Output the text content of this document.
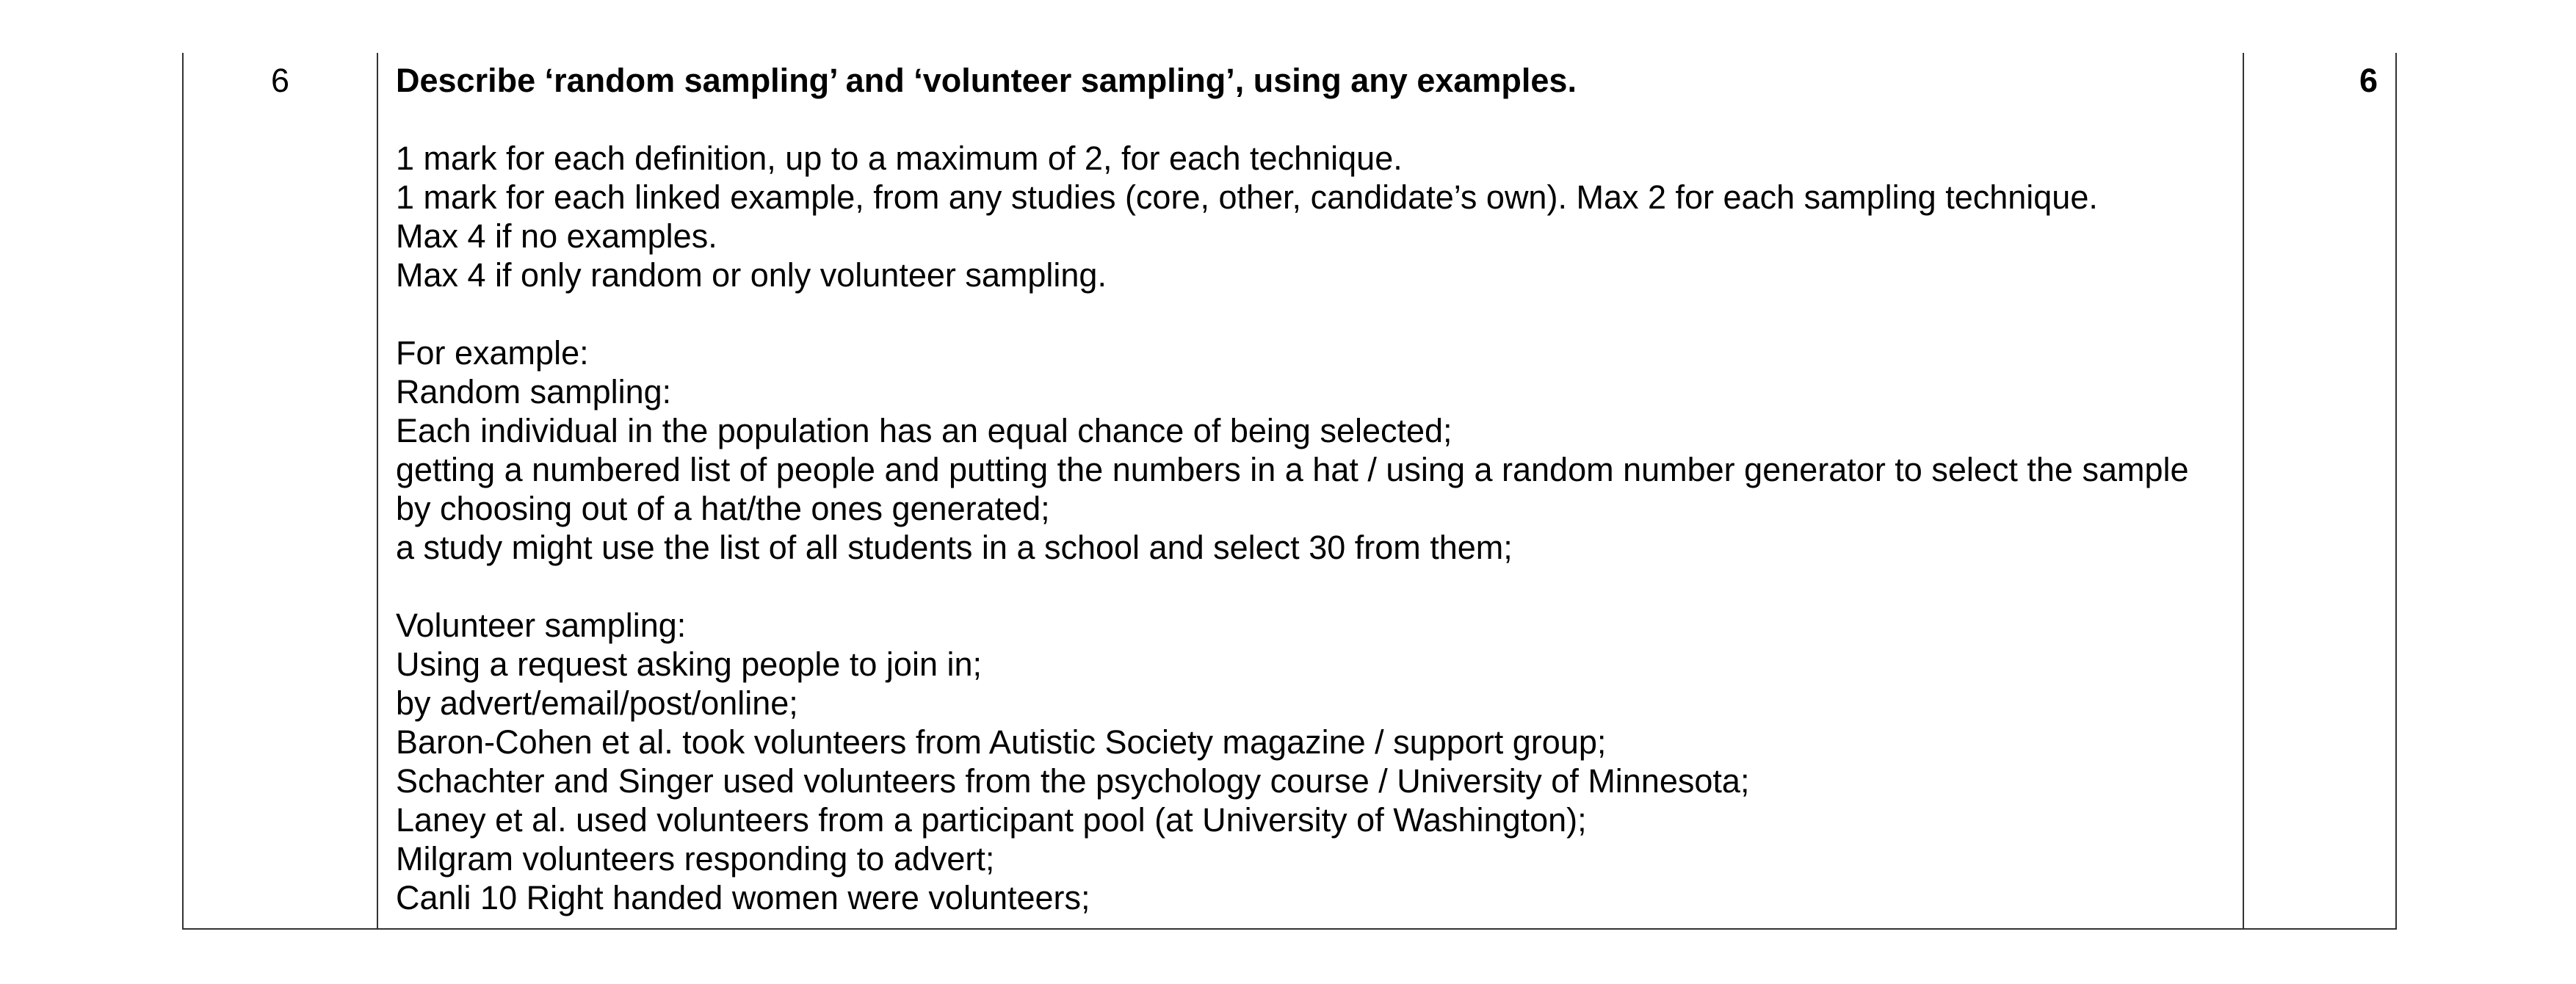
6	Describe ‘random sampling’ and ‘volunteer sampling’, using any examples.
1 mark for each definition, up to a maximum of 2, for each technique.
1 mark for each linked example, from any studies (core, other, candidate’s own). Max 2 for each sampling technique.
Max 4 if no examples.
Max 4 if only random or only volunteer sampling.
For example:
Random sampling:
Each individual in the population has an equal chance of being selected;
getting a numbered list of people and putting the numbers in a hat / using a random number generator to select the sample
by choosing out of a hat/the ones generated;
a study might use the list of all students in a school and select 30 from them;
Volunteer sampling:
Using a request asking people to join in;
by advert/email/post/online;
Baron-Cohen et al. took volunteers from Autistic Society magazine / support group;
Schachter and Singer used volunteers from the psychology course / University of Minnesota;
Laney et al. used volunteers from a participant pool (at University of Washington);
Milgram volunteers responding to advert;
Canli 10 Right handed women were volunteers;
6
